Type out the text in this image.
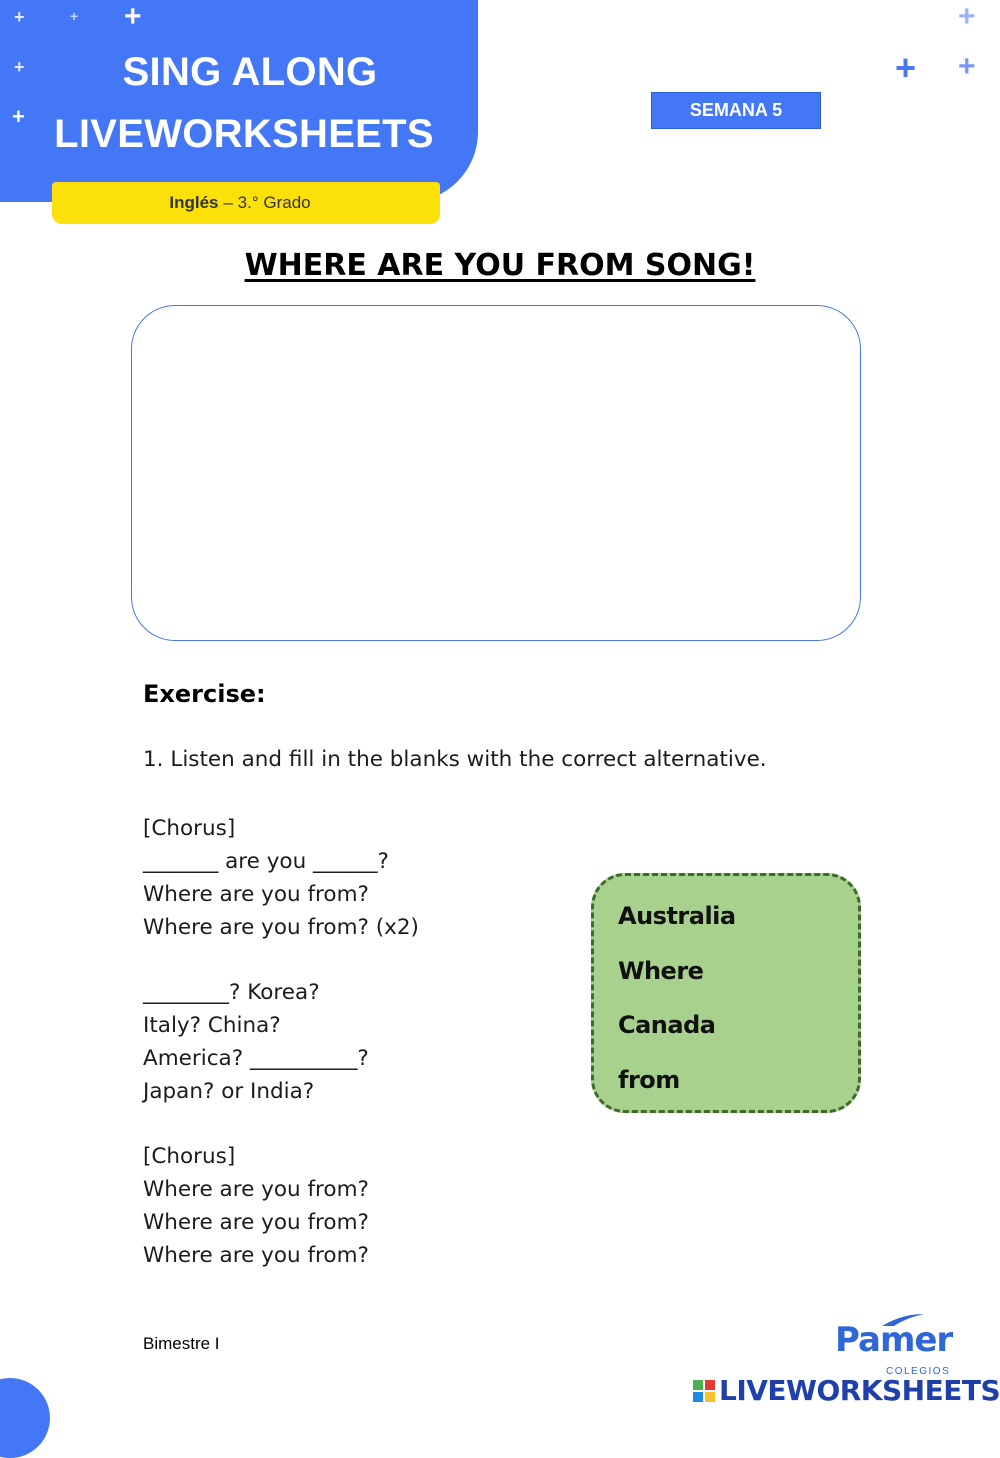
+	+ +
+
+
+
+ +
SING ALONG
LIVEWORKSHEETS
Inglés – 3.° Grado
SEMANA 5
WHERE ARE YOU FROM SONG!
Exercise:
1. Listen and fill in the blanks with the correct alternative.
[Chorus]
_______ are you ______?
Where are you from?
Where are you from? (x2)
________? Korea?
Italy? China?
America? __________?
Japan? or India?
[Chorus]
Where are you from?
Where are you from?
Where are you from?
Australia
Where
Canada
from
Bimestre I	Pamer
COLEGIOS
LIVEWORKSHEETS
